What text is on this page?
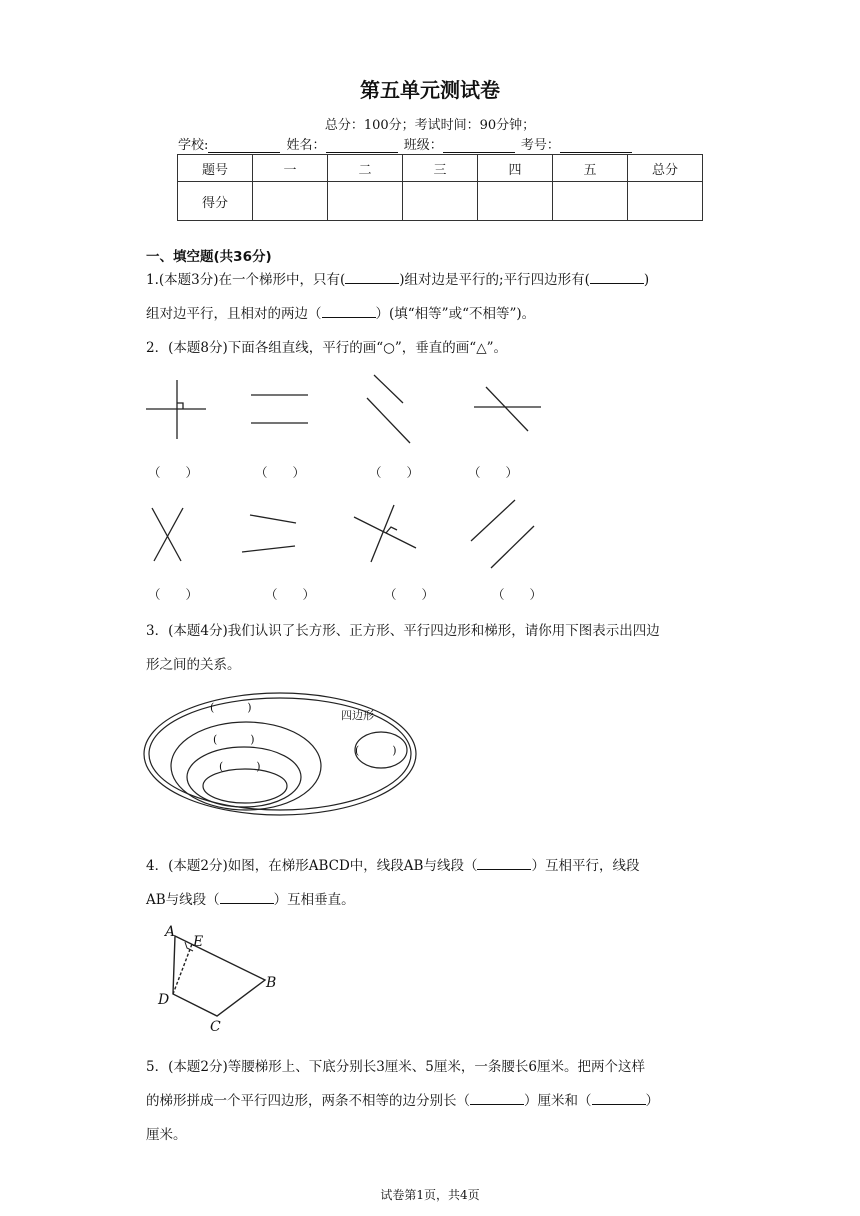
第五单元测试卷
总分：100分；考试时间：90分钟；
学校:	姓名：	班级：	考号：
题号	一	二	三	四	五	总分
得分						
一、填空题(共36分)
1.(本题3分)在一个梯形中，只有(	)组对边是平行的;平行四边形有(	)
组对边平行，且相对的两边（	）(填“相等”或“不相等”)。
2．(本题8分)下面各组直线，平行的画“○”，垂直的画“△”。
（　　）	（　　）	（　　）	（　　）
（　　）	（　　）	（　　）	（　　）
3．(本题4分)我们认识了长方形、正方形、平行四边形和梯形，请你用下图表示出四边
形之间的关系。
四边形
(　　　)
(　　　)
(　　　)
(　　　)
4．(本题2分)如图，在梯形ABCD中，线段AB与线段（	）互相平行，线段
AB与线段（	）互相垂直。
A
E
B
D
C
5．(本题2分)等腰梯形上、下底分别长3厘米、5厘米，一条腰长6厘米。把两个这样
的梯形拼成一个平行四边形，两条不相等的边分别长（	）厘米和（	）
厘米。
试卷第1页，共4页
